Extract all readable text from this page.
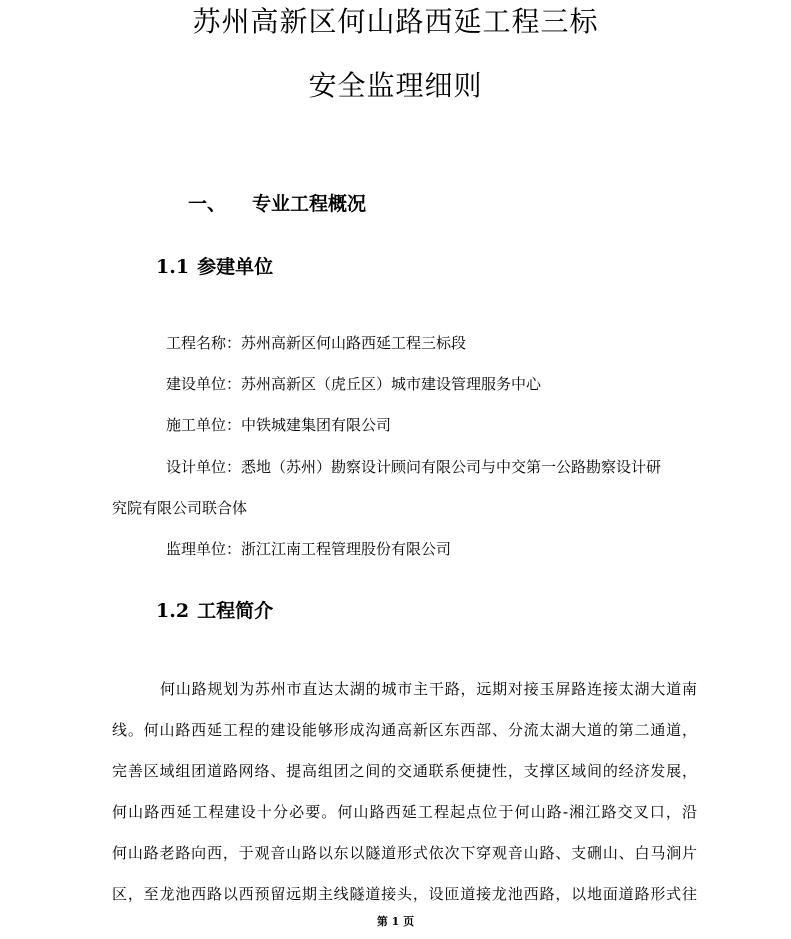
苏州高新区何山路西延工程三标
安全监理细则
一、 专业工程概况
1.1 参建单位
工程名称：苏州高新区何山路西延工程三标段
建设单位：苏州高新区（虎丘区）城市建设管理服务中心
施工单位：中铁城建集团有限公司
设计单位：悉地（苏州）勘察设计顾问有限公司与中交第一公路勘察设计研
究院有限公司联合体
监理单位：浙江江南工程管理股份有限公司
1.2 工程简介
何山路规划为苏州市直达太湖的城市主干路，远期对接玉屏路连接太湖大道南
线。何山路西延工程的建设能够形成沟通高新区东西部、分流太湖大道的第二通道，
完善区域组团道路网络、提高组团之间的交通联系便捷性，支撑区域间的经济发展，
何山路西延工程建设十分必要。何山路西延工程起点位于何山路-湘江路交叉口，沿
何山路老路向西，于观音山路以东以隧道形式依次下穿观音山路、支硎山、白马涧片
区，至龙池西路以西预留远期主线隧道接头，设匝道接龙池西路，以地面道路形式往
第 1 页
